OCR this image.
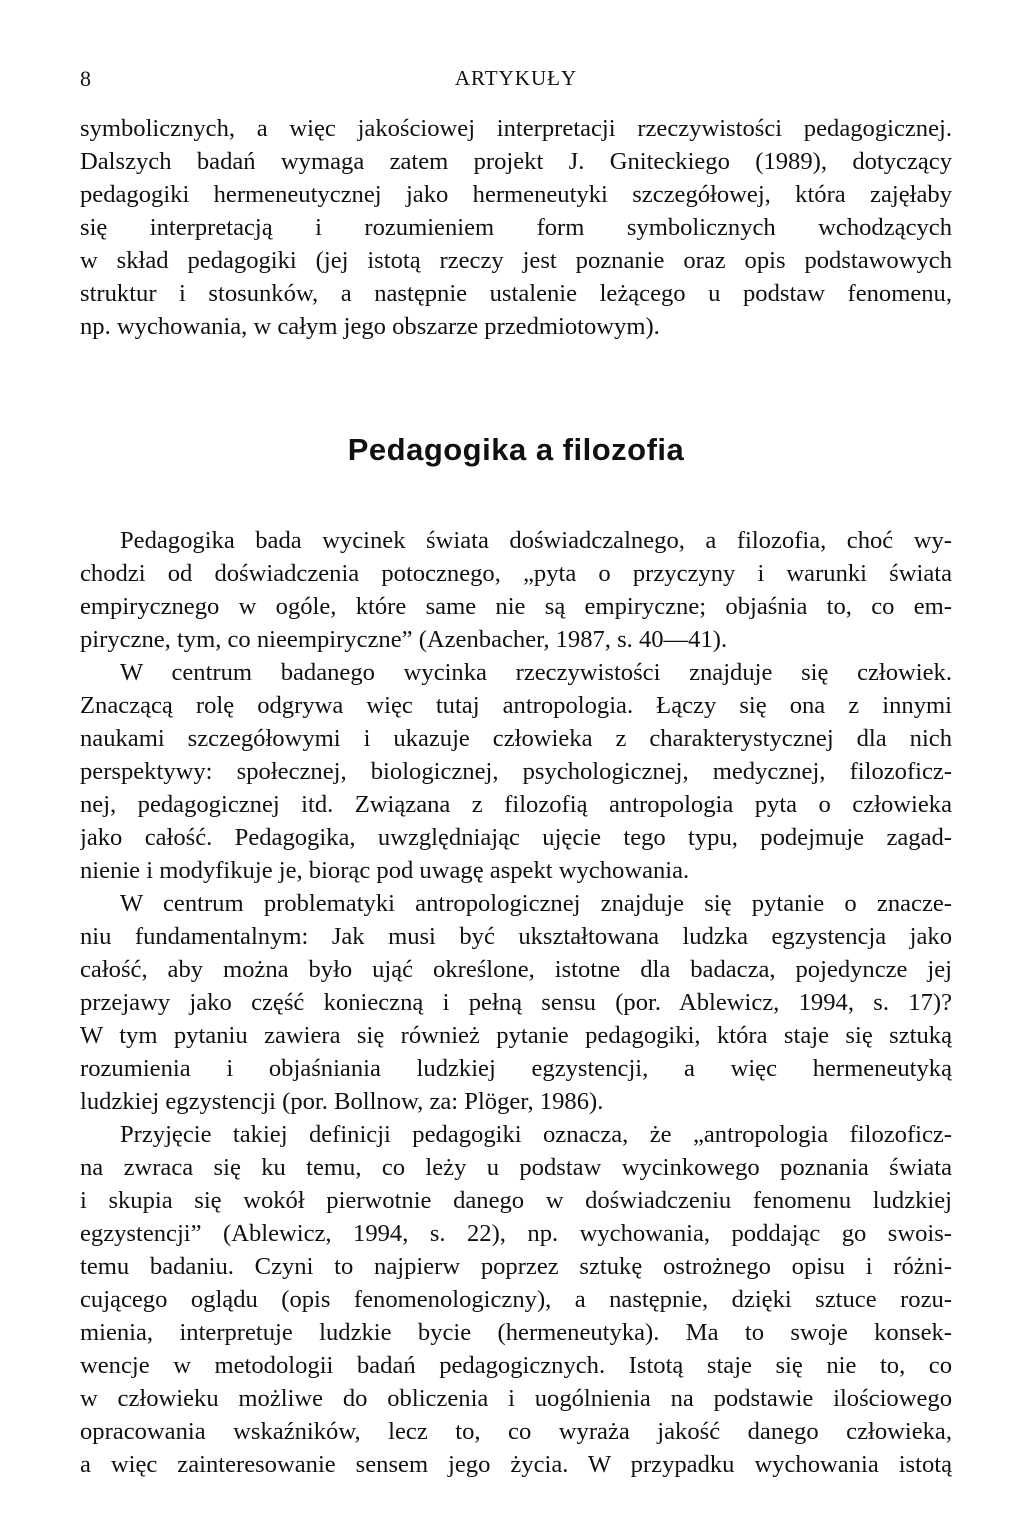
8	ARTYKUŁY
symbolicznych, a więc jakościowej interpretacji rzeczywistości pedagogicznej.
Dalszych badań wymaga zatem projekt J. Gniteckiego (1989), dotyczący
pedagogiki hermeneutycznej jako hermeneutyki szczegółowej, która zajęłaby
się interpretacją i rozumieniem form symbolicznych wchodzących
w skład pedagogiki (jej istotą rzeczy jest poznanie oraz opis podstawowych
struktur i stosunków, a następnie ustalenie leżącego u podstaw fenomenu,
np. wychowania, w całym jego obszarze przedmiotowym).
Pedagogika a filozofia
Pedagogika bada wycinek świata doświadczalnego, a filozofia, choć wy-
chodzi od doświadczenia potocznego, „pyta o przyczyny i warunki świata
empirycznego w ogóle, które same nie są empiryczne; objaśnia to, co em-
piryczne, tym, co nieempiryczne” (Azenbacher, 1987, s. 40—41).
W centrum badanego wycinka rzeczywistości znajduje się człowiek.
Znaczącą rolę odgrywa więc tutaj antropologia. Łączy się ona z innymi
naukami szczegółowymi i ukazuje człowieka z charakterystycznej dla nich
perspektywy: społecznej, biologicznej, psychologicznej, medycznej, filozoficz-
nej, pedagogicznej itd. Związana z filozofią antropologia pyta o człowieka
jako całość. Pedagogika, uwzględniając ujęcie tego typu, podejmuje zagad-
nienie i modyfikuje je, biorąc pod uwagę aspekt wychowania.
W centrum problematyki antropologicznej znajduje się pytanie o znacze-
niu fundamentalnym: Jak musi być ukształtowana ludzka egzystencja jako
całość, aby można było ująć określone, istotne dla badacza, pojedyncze jej
przejawy jako część konieczną i pełną sensu (por. Ablewicz, 1994, s. 17)?
W tym pytaniu zawiera się również pytanie pedagogiki, która staje się sztuką
rozumienia i objaśniania ludzkiej egzystencji, a więc hermeneutyką
ludzkiej egzystencji (por. Bollnow, za: Plöger, 1986).
Przyjęcie takiej definicji pedagogiki oznacza, że „antropologia filozoficz-
na zwraca się ku temu, co leży u podstaw wycinkowego poznania świata
i skupia się wokół pierwotnie danego w doświadczeniu fenomenu ludzkiej
egzystencji” (Ablewicz, 1994, s. 22), np. wychowania, poddając go swois-
temu badaniu. Czyni to najpierw poprzez sztukę ostrożnego opisu i różni-
cującego oglądu (opis fenomenologiczny), a następnie, dzięki sztuce rozu-
mienia, interpretuje ludzkie bycie (hermeneutyka). Ma to swoje konsek-
wencje w metodologii badań pedagogicznych. Istotą staje się nie to, co
w człowieku możliwe do obliczenia i uogólnienia na podstawie ilościowego
opracowania wskaźników, lecz to, co wyraża jakość danego człowieka,
a więc zainteresowanie sensem jego życia. W przypadku wychowania istotą
